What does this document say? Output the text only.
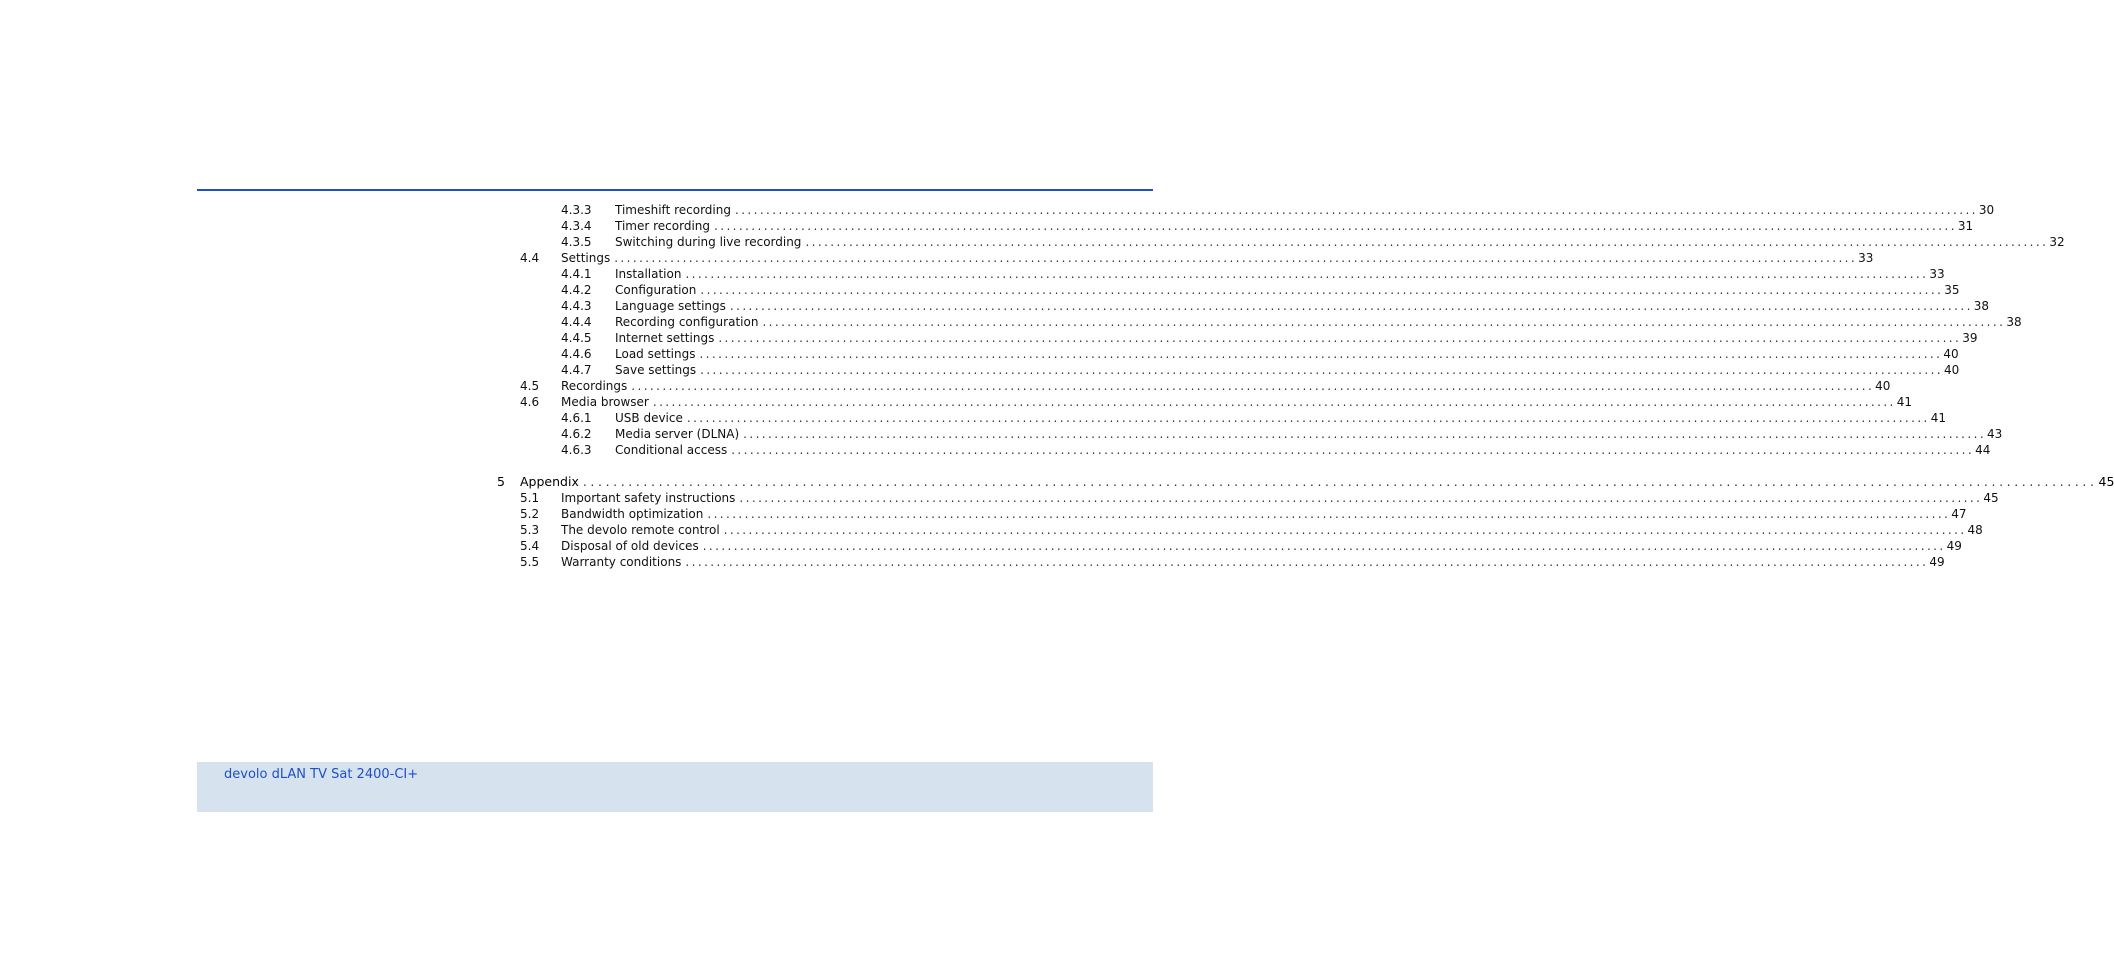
4.3.3 Timeshift recording ........................................................................................................................................................................................................ 30
4.3.4 Timer recording ........................................................................................................................................................................................................ 31
4.3.5 Switching during live recording ........................................................................................................................................................................................................ 32
4.4 Settings ........................................................................................................................................................................................................ 33
4.4.1 Installation ........................................................................................................................................................................................................ 33
4.4.2 Configuration ........................................................................................................................................................................................................ 35
4.4.3 Language settings ........................................................................................................................................................................................................ 38
4.4.4 Recording configuration ........................................................................................................................................................................................................ 38
4.4.5 Internet settings ........................................................................................................................................................................................................ 39
4.4.6 Load settings ........................................................................................................................................................................................................ 40
4.4.7 Save settings ........................................................................................................................................................................................................ 40
4.5 Recordings ........................................................................................................................................................................................................ 40
4.6 Media browser ........................................................................................................................................................................................................ 41
4.6.1 USB device ........................................................................................................................................................................................................ 41
4.6.2 Media server (DLNA) ........................................................................................................................................................................................................ 43
4.6.3 Conditional access ........................................................................................................................................................................................................ 44
5 Appendix ........................................................................................................................................................................................................ 45
5.1 Important safety instructions ........................................................................................................................................................................................................ 45
5.2 Bandwidth optimization ........................................................................................................................................................................................................ 47
5.3 The devolo remote control ........................................................................................................................................................................................................ 48
5.4 Disposal of old devices ........................................................................................................................................................................................................ 49
5.5 Warranty conditions ........................................................................................................................................................................................................ 49
devolo dLAN TV Sat 2400-CI+
